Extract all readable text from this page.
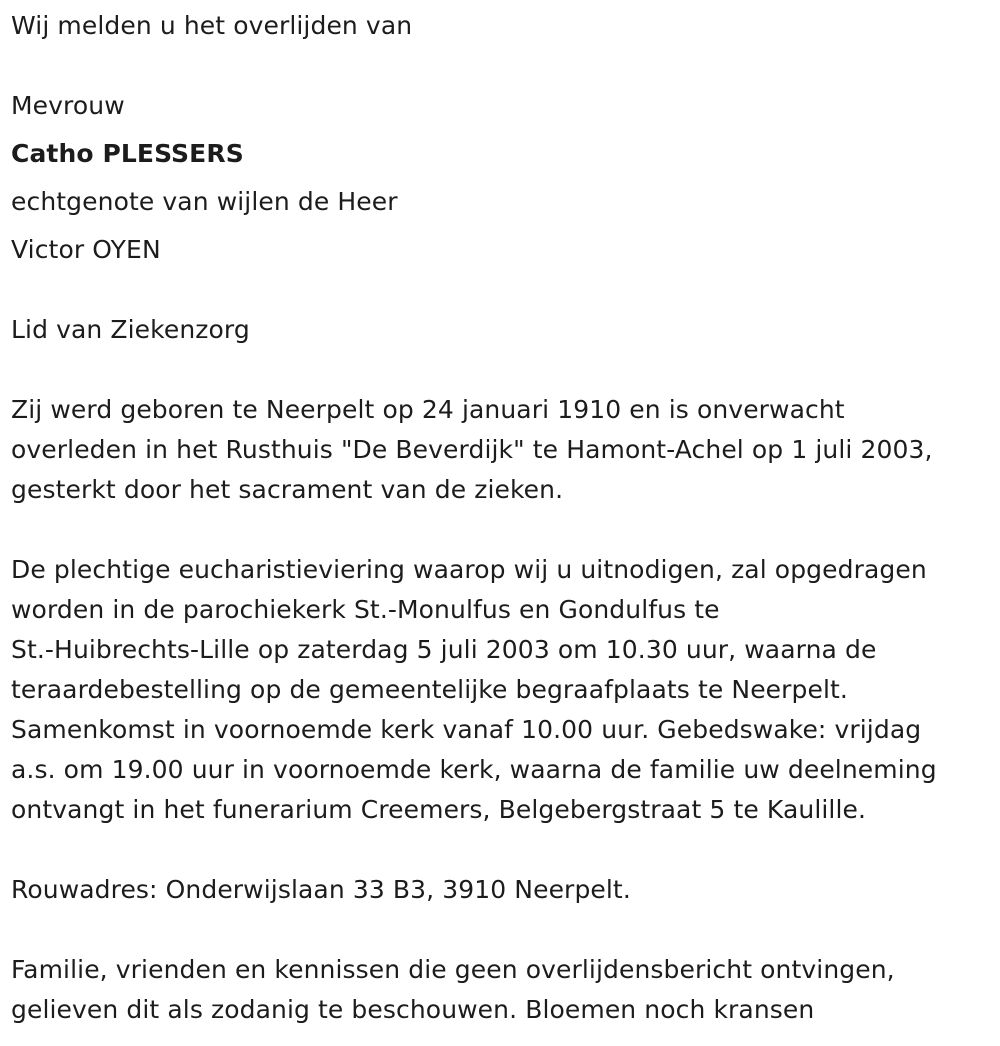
Wij melden u het overlijden van
Mevrouw
Catho PLESSERS
echtgenote van wijlen de Heer
Victor OYEN
Lid van Ziekenzorg
Zij werd geboren te Neerpelt op 24 januari 1910 en is onverwacht
overleden in het Rusthuis "De Beverdijk" te Hamont-Achel op 1 juli 2003,
gesterkt door het sacrament van de zieken.
De plechtige eucharistieviering waarop wij u uitnodigen, zal opgedragen
worden in de parochiekerk St.-Monulfus en Gondulfus te
St.-Huibrechts-Lille op zaterdag 5 juli 2003 om 10.30 uur, waarna de
teraardebestelling op de gemeentelijke begraafplaats te Neerpelt.
Samenkomst in voornoemde kerk vanaf 10.00 uur. Gebedswake: vrijdag
a.s. om 19.00 uur in voornoemde kerk, waarna de familie uw deelneming
ontvangt in het funerarium Creemers, Belgebergstraat 5 te Kaulille.
Rouwadres: Onderwijslaan 33 B3, 3910 Neerpelt.
Familie, vrienden en kennissen die geen overlijdensbericht ontvingen,
gelieven dit als zodanig te beschouwen. Bloemen noch kransen
